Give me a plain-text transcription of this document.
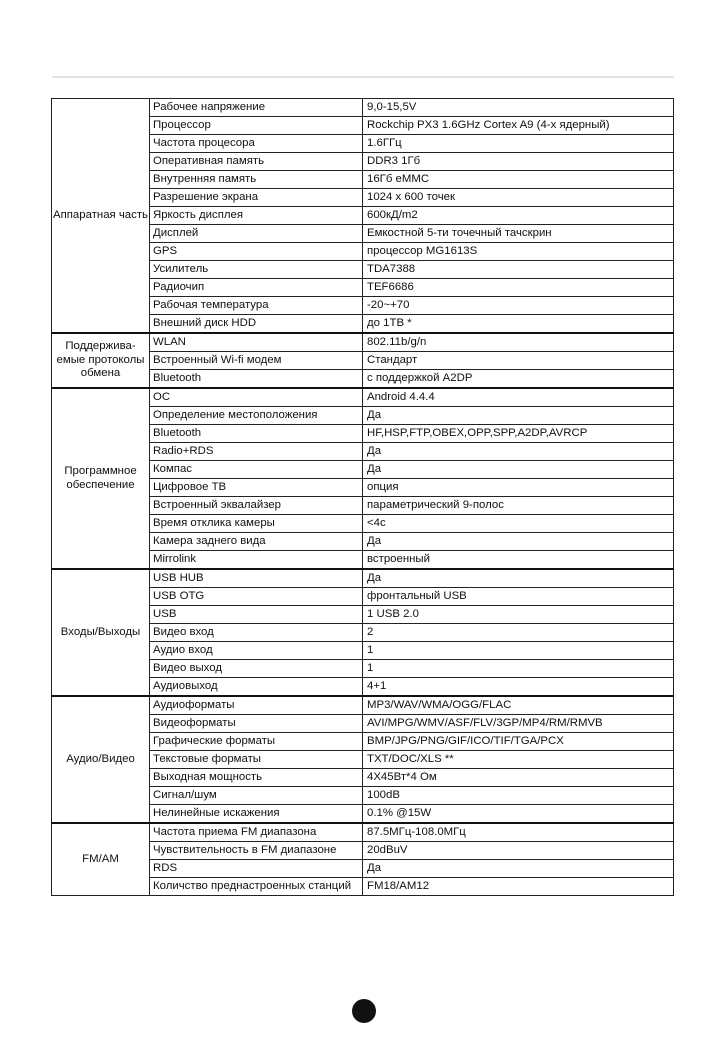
Аппаратная часть	Рабочее напряжение	9,0-15,5V
	Процессор	Rockchip PX3 1.6GHz Cortex A9 (4-х ядерный)
	Частота процесора	1.6ГГц
	Оперативная память	DDR3 1Гб
	Внутренняя память	16Гб eMMC
	Разрешение экрана	1024 x 600 точек
	Яркость дисплея	600кД/m2
	Дисплей	Емкостной 5-ти точечный тачскрин
	GPS	процессор MG1613S
	Усилитель	TDA7388
	Радиочип	TEF6686
	Рабочая температура	-20~+70
	Внешний диск HDD	до 1ТВ *
Поддержива-емые протоколы обмена	WLAN	802.11b/g/n
	Встроенный Wi-fi модем	Стандарт
	Bluetooth	с поддержкой A2DP
Программное обеспечение	ОС	Android 4.4.4
	Определение местоположения	Да
	Bluetooth	HF,HSP,FTP,OBEX,OPP,SPP,A2DP,AVRCP
	Radio+RDS	Да
	Компас	Да
	Цифровое ТВ	опция
	Встроенный эквалайзер	параметрический 9-полос
	Время отклика камеры	<4с
	Камера заднего вида	Да
	Mirrolink	встроенный
Входы/Выходы	USB HUB	Да
	USB OTG	фронтальный USB
	USB	1 USB 2.0
	Видео вход	2
	Аудио вход	1
	Видео выход	1
	Аудиовыход	4+1
Аудио/Видео	Аудиоформаты	MP3/WAV/WMA/OGG/FLAC
	Видеоформаты	AVI/MPG/WMV/ASF/FLV/3GP/MP4/RM/RMVB
	Графические форматы	BMP/JPG/PNG/GIF/ICO/TIF/TGA/PCX
	Текстовые форматы	TXT/DOC/XLS **
	Выходная мощность	4X45Вт*4 Ом
	Сигнал/шум	100dB
	Нелинейные искажения	0.1% @15W
FM/AM	Частота приема FM диапазона	87.5МГц-108.0МГц
	Чувствительность в FM диапазоне	20dBuV
	RDS	Да
	Количство преднастроенных станций	FM18/AM12
